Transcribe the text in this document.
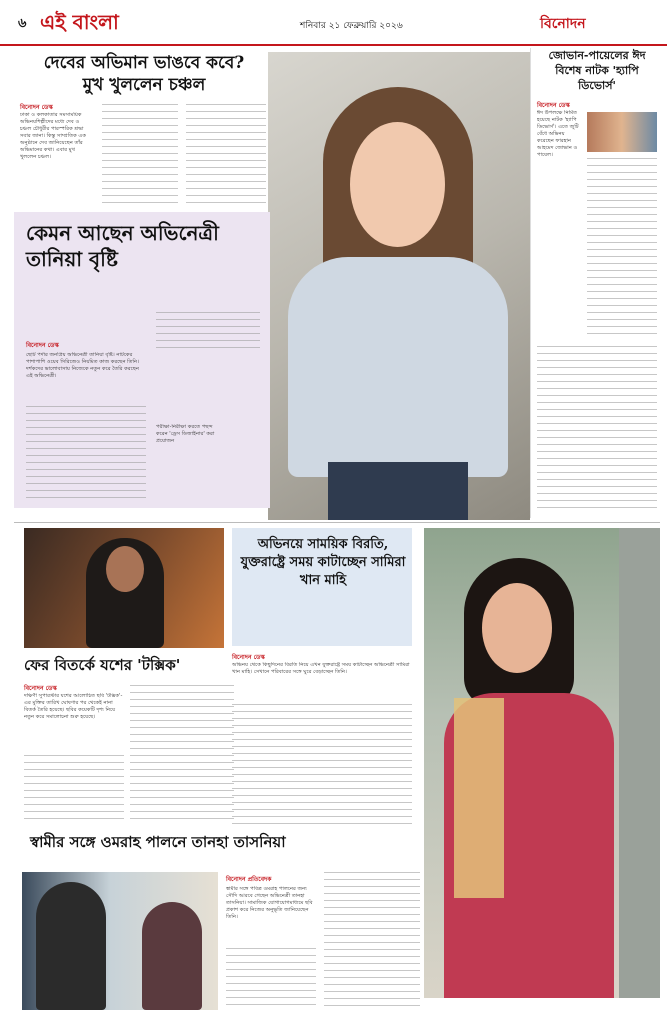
৬ এই বাংলা	শনিবার ২১ ফেব্রুয়ারি ২০২৬	বিনোদন
দেবের অভিমান ভাঙবে কবে? মুখ খুললেন চঞ্চল
বিনোদন ডেস্ক
ঢাকা ও কলকাতার সমসাময়িক অভিনয়শিল্পীদের মধ্যে দেব ও চঞ্চল চৌধুরীর পারস্পরিক শ্রদ্ধা সবার জানা। কিন্তু সাম্প্রতিক এক অনুষ্ঠানে দেব জানিয়েছেন তাঁর অভিমানের কথা। এবার মুখ খুললেন চঞ্চল।
কেমন আছেন অভিনেত্রী তানিয়া বৃষ্টি
বিনোদন ডেস্ক
ছোট পর্দার জনপ্রিয় অভিনেত্রী তানিয়া বৃষ্টি। নাটকের পাশাপাশি ওয়েব সিরিজেও নিয়মিত কাজ করছেন তিনি। দর্শকদের ভালোবাসায় নিজেকে নতুন করে তৈরি করছেন এই অভিনেত্রী।
পরীক্ষা-নিরীক্ষা করতে পছন্দ করেন 'ড্রেস ডিজাইনার' করা প্রয়োজন
জোভান-পায়েলের ঈদ বিশেষ নাটক 'হ্যাপি ডিভোর্স'
বিনোদন ডেস্ক
ঈদ উপলক্ষে নির্মিত হয়েছে নাটক 'হ্যাপি ডিভোর্স'। এতে জুটি বেঁধে অভিনয় করেছেন ফারহান আহমেদ জোভান ও পায়েল।
ফের বিতর্কে যশের 'টক্সিক'
বিনোদন ডেস্ক
দক্ষিণী সুপারস্টার যশের আলোচিত ছবি 'টক্সিক'-এর মুক্তির তারিখ ঘোষণার পর থেকেই নানা বিতর্ক তৈরি হয়েছে। ছবির কয়েকটি দৃশ্য নিয়ে নতুন করে সমালোচনা শুরু হয়েছে।
অভিনয়ে সাময়িক বিরতি, যুক্তরাষ্ট্রে সময় কাটাচ্ছেন সামিরা খান মাহি
বিনোদন ডেস্ক
অভিনয় থেকে কিছুদিনের বিরতি নিয়ে এখন যুক্তরাষ্ট্রে সময় কাটাচ্ছেন অভিনেত্রী সামিরা খান মাহি। সেখানে পরিবারের সঙ্গে ঘুরে বেড়াচ্ছেন তিনি।
স্বামীর সঙ্গে ওমরাহ পালনে তানহা তাসনিয়া
বিনোদন প্রতিবেদক
স্বামীর সঙ্গে পবিত্র ওমরাহ পালনের জন্য সৌদি আরবে গেছেন অভিনেত্রী তানহা তাসনিয়া। সামাজিক যোগাযোগমাধ্যমে ছবি প্রকাশ করে নিজের অনুভূতি জানিয়েছেন তিনি।
